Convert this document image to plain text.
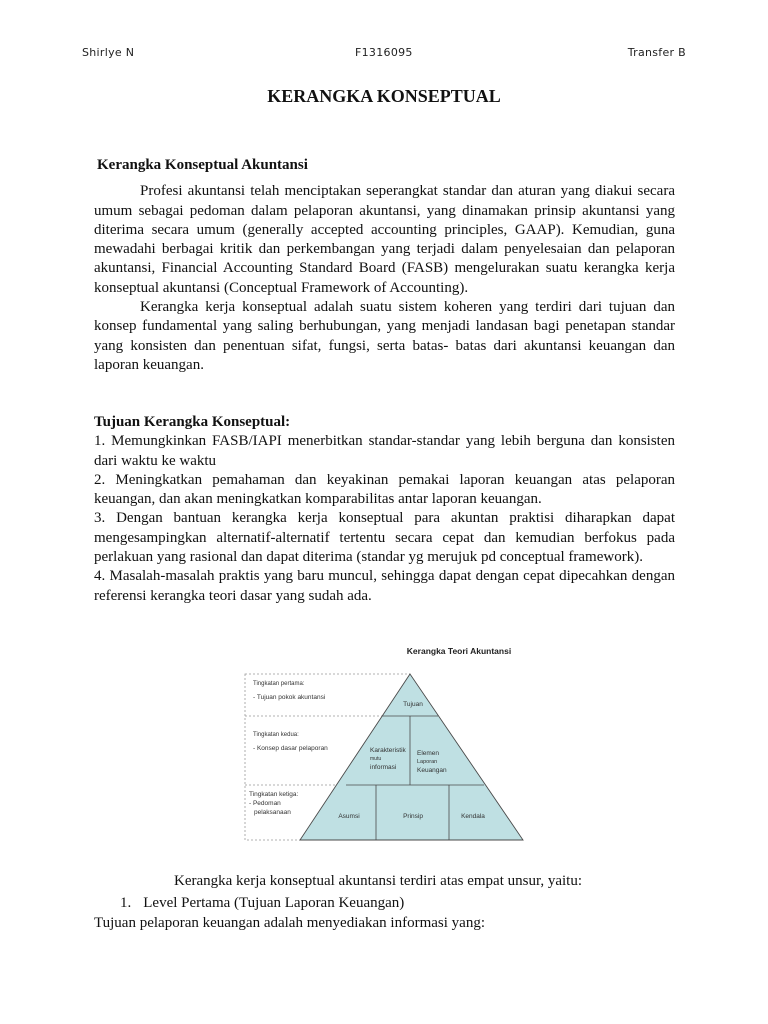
Shirlye N	F1316095	Transfer B
KERANGKA KONSEPTUAL

Kerangka Konseptual Akuntansi

Profesi akuntansi telah menciptakan seperangkat standar dan aturan yang diakui secara umum sebagai pedoman dalam pelaporan akuntansi, yang dinamakan prinsip akuntansi yang diterima secara umum (generally accepted accounting principles, GAAP). Kemudian, guna mewadahi berbagai kritik dan perkembangan yang terjadi dalam penyelesaian dan pelaporan akuntansi, Financial Accounting Standard Board (FASB) mengelurakan suatu kerangka kerja konseptual akuntansi (Conceptual Framework of Accounting).

Kerangka kerja konseptual adalah suatu sistem koheren yang terdiri dari tujuan dan konsep fundamental yang saling berhubungan, yang menjadi landasan bagi penetapan standar yang konsisten dan penentuan sifat, fungsi, serta batas- batas dari akuntansi keuangan dan laporan keuangan.

Tujuan Kerangka Konseptual:

1. Memungkinkan FASB/IAPI menerbitkan standar-standar yang lebih berguna dan konsisten dari waktu ke waktu

2. Meningkatkan pemahaman dan keyakinan pemakai laporan keuangan atas pelaporan keuangan, dan akan meningkatkan komparabilitas antar laporan keuangan.

3. Dengan bantuan kerangka kerja konseptual para akuntan praktisi diharapkan dapat mengesampingkan alternatif-alternatif tertentu secara cepat dan kemudian berfokus pada perlakuan yang rasional dan dapat diterima (standar yg merujuk pd conceptual framework).

4. Masalah-masalah praktis yang baru muncul, sehingga dapat dengan cepat dipecahkan dengan referensi kerangka teori dasar yang sudah ada.

Kerangka Teori Akuntansi
Tingkatan pertama:
- Tujuan pokok akuntansi
Tingkatan kedua:
- Konsep dasar pelaporan
Tingkatan ketiga:
- Pedoman
pelaksanaan
Tujuan
Karakteristik
mutu
informasi
Elemen
Laporan
Keuangan
Asumsi	Prinsip	Kendala

Kerangka kerja konseptual akuntansi terdiri atas empat unsur, yaitu:

1. Level Pertama (Tujuan Laporan Keuangan)

Tujuan pelaporan keuangan adalah menyediakan informasi yang:
